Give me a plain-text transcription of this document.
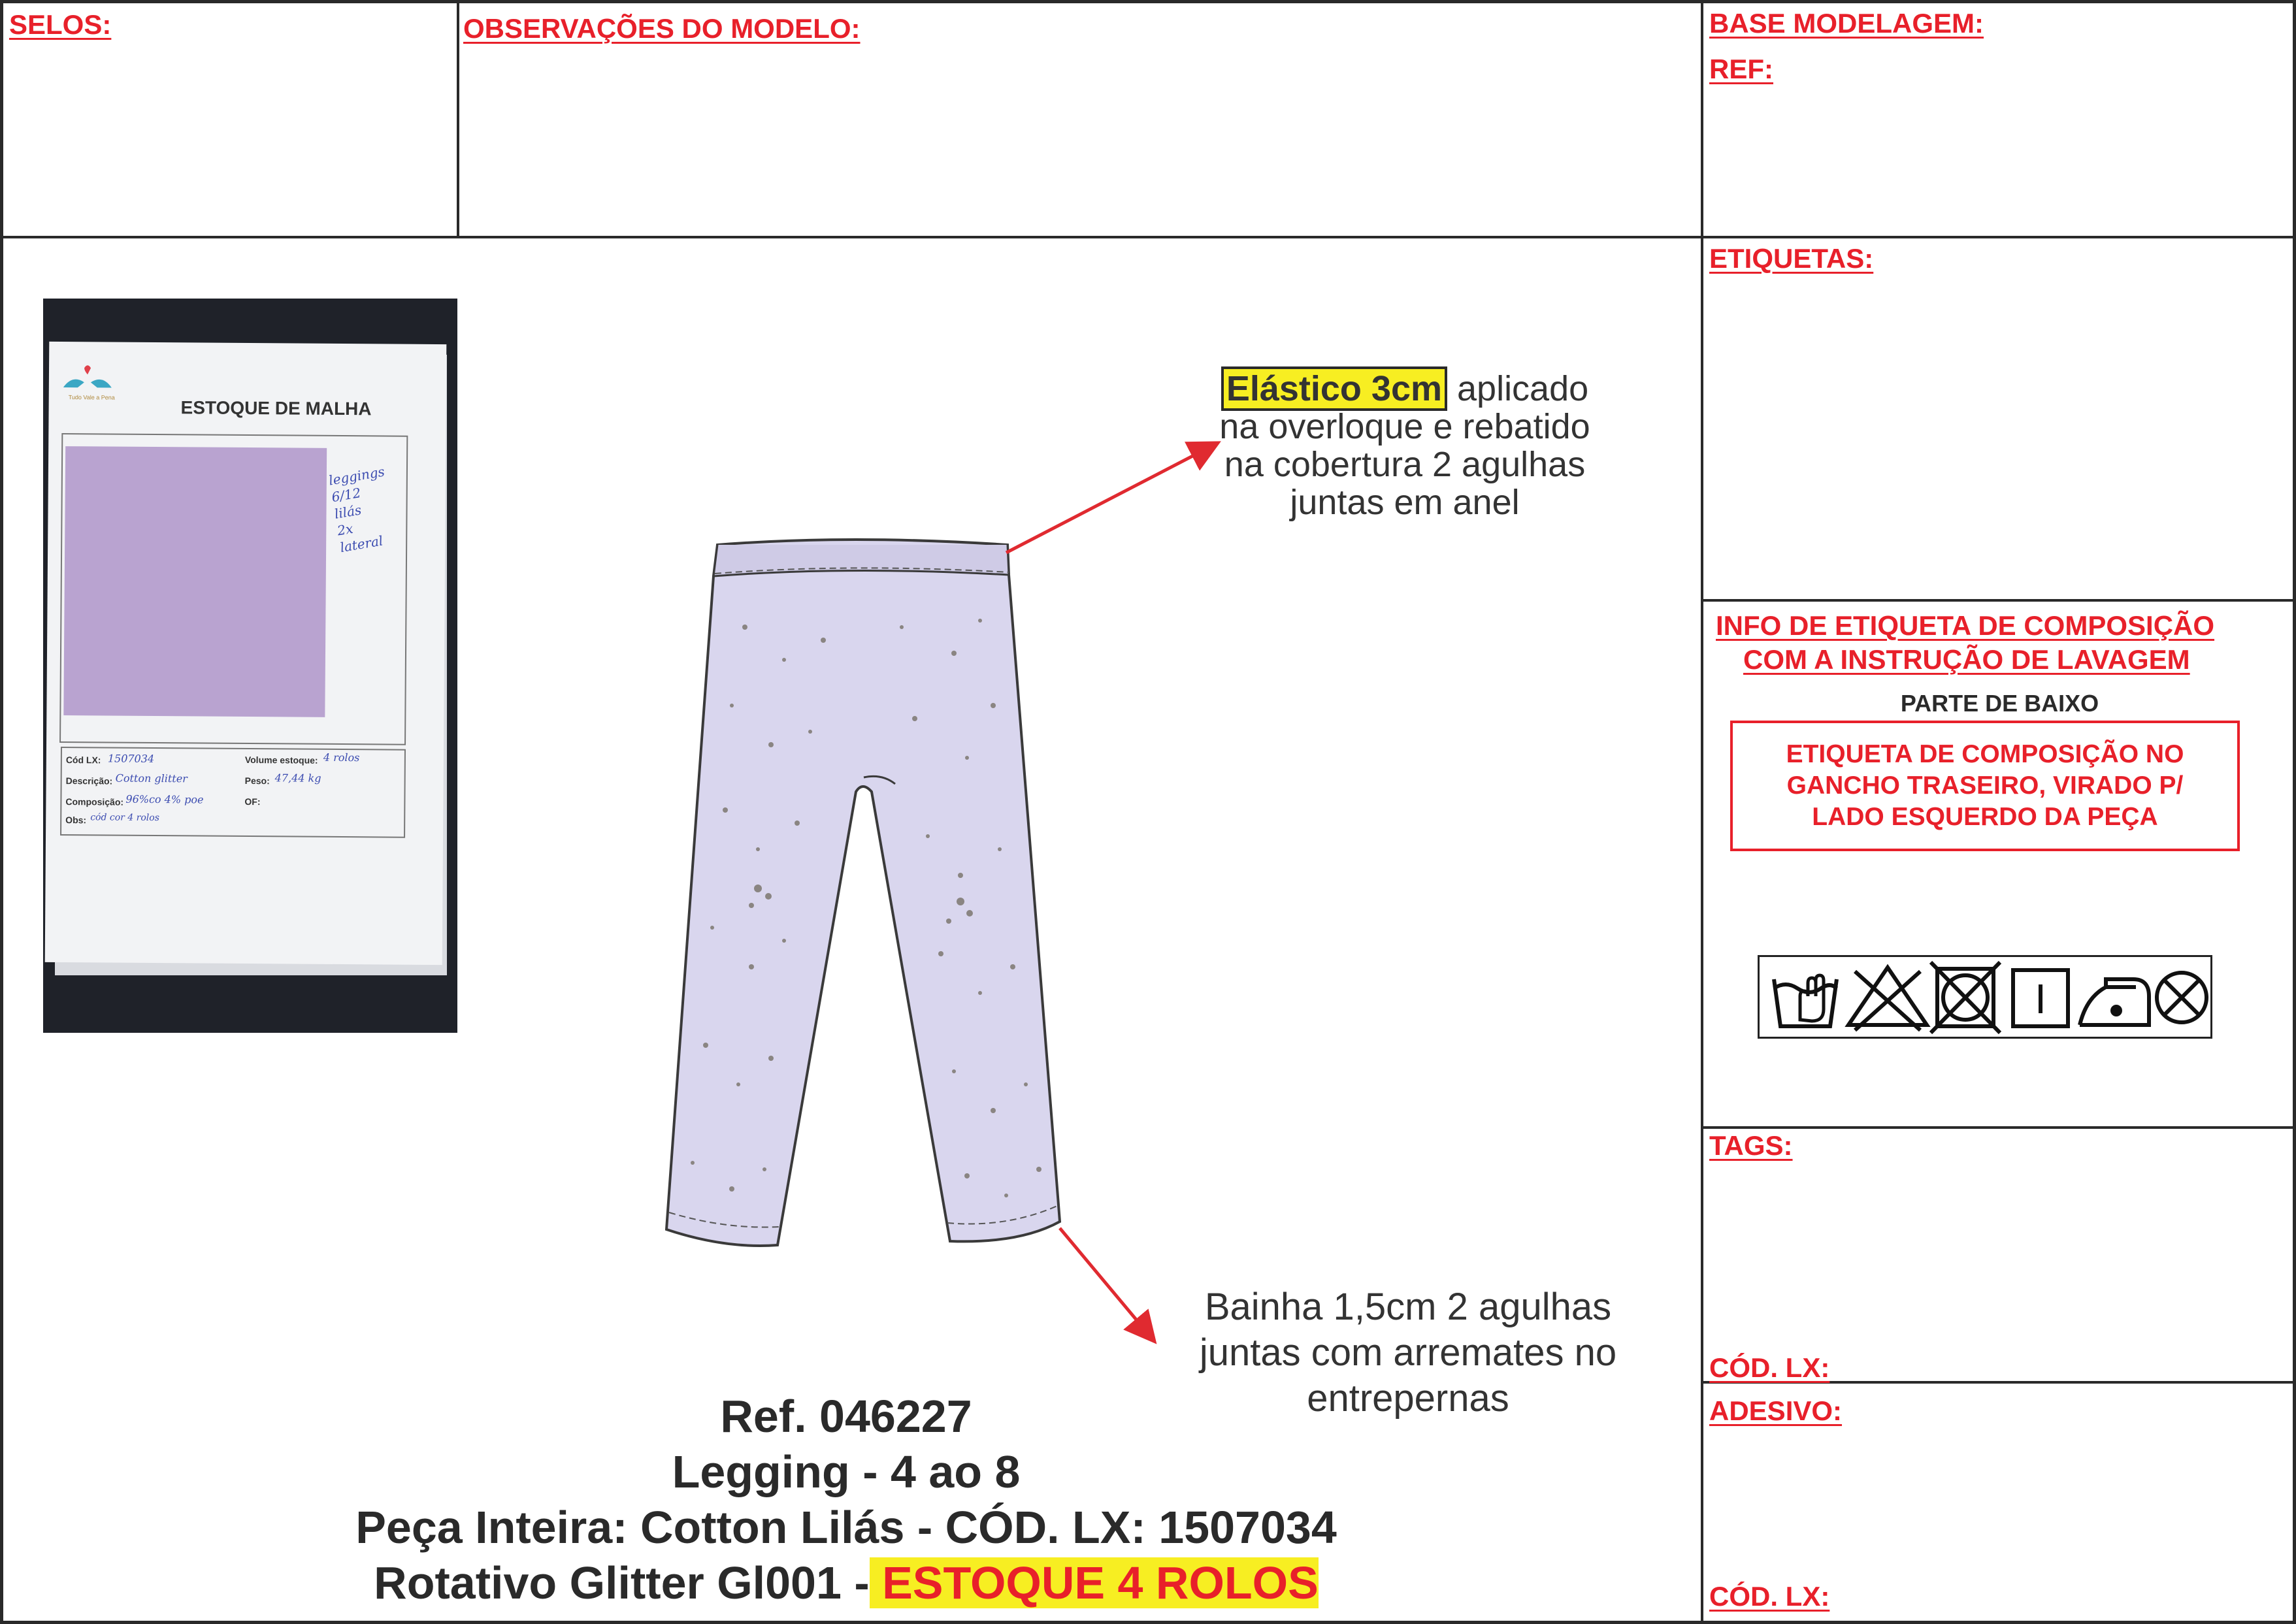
SELOS:	OBSERVAÇÕES DO MODELO:	BASE MODELAGEM:
REF:
ETIQUETAS:
INFO DE ETIQUETA DE COMPOSIÇÃO
COM A INSTRUÇÃO DE LAVAGEM
PARTE DE BAIXO
ETIQUETA DE COMPOSIÇÃO NO
GANCHO TRASEIRO, VIRADO P/
LADO ESQUERDO DA PEÇA
TAGS:
CÓD. LX:
ADESIVO:
CÓD. LX:
Tudo Vale a Pena	ESTOQUE DE MALHA
leggings 6/12 lilás 2x lateral
Cód LX: 1507034
Descrição: Cotton glitter
Composição: 96%co 4% poe
Obs: cód cor 4 rolos
Volume estoque: 4 rolos
Peso: 47,44 kg
OF:
Elástico 3cm aplicado
na overloque e rebatido
na cobertura 2 agulhas
juntas em anel
Bainha 1,5cm 2 agulhas
juntas com arremates no
entrepernas
Ref. 046227
Legging - 4 ao 8
Peça Inteira: Cotton Lilás - CÓD. LX: 1507034
Rotativo Glitter Gl001 - ESTOQUE 4 ROLOS
